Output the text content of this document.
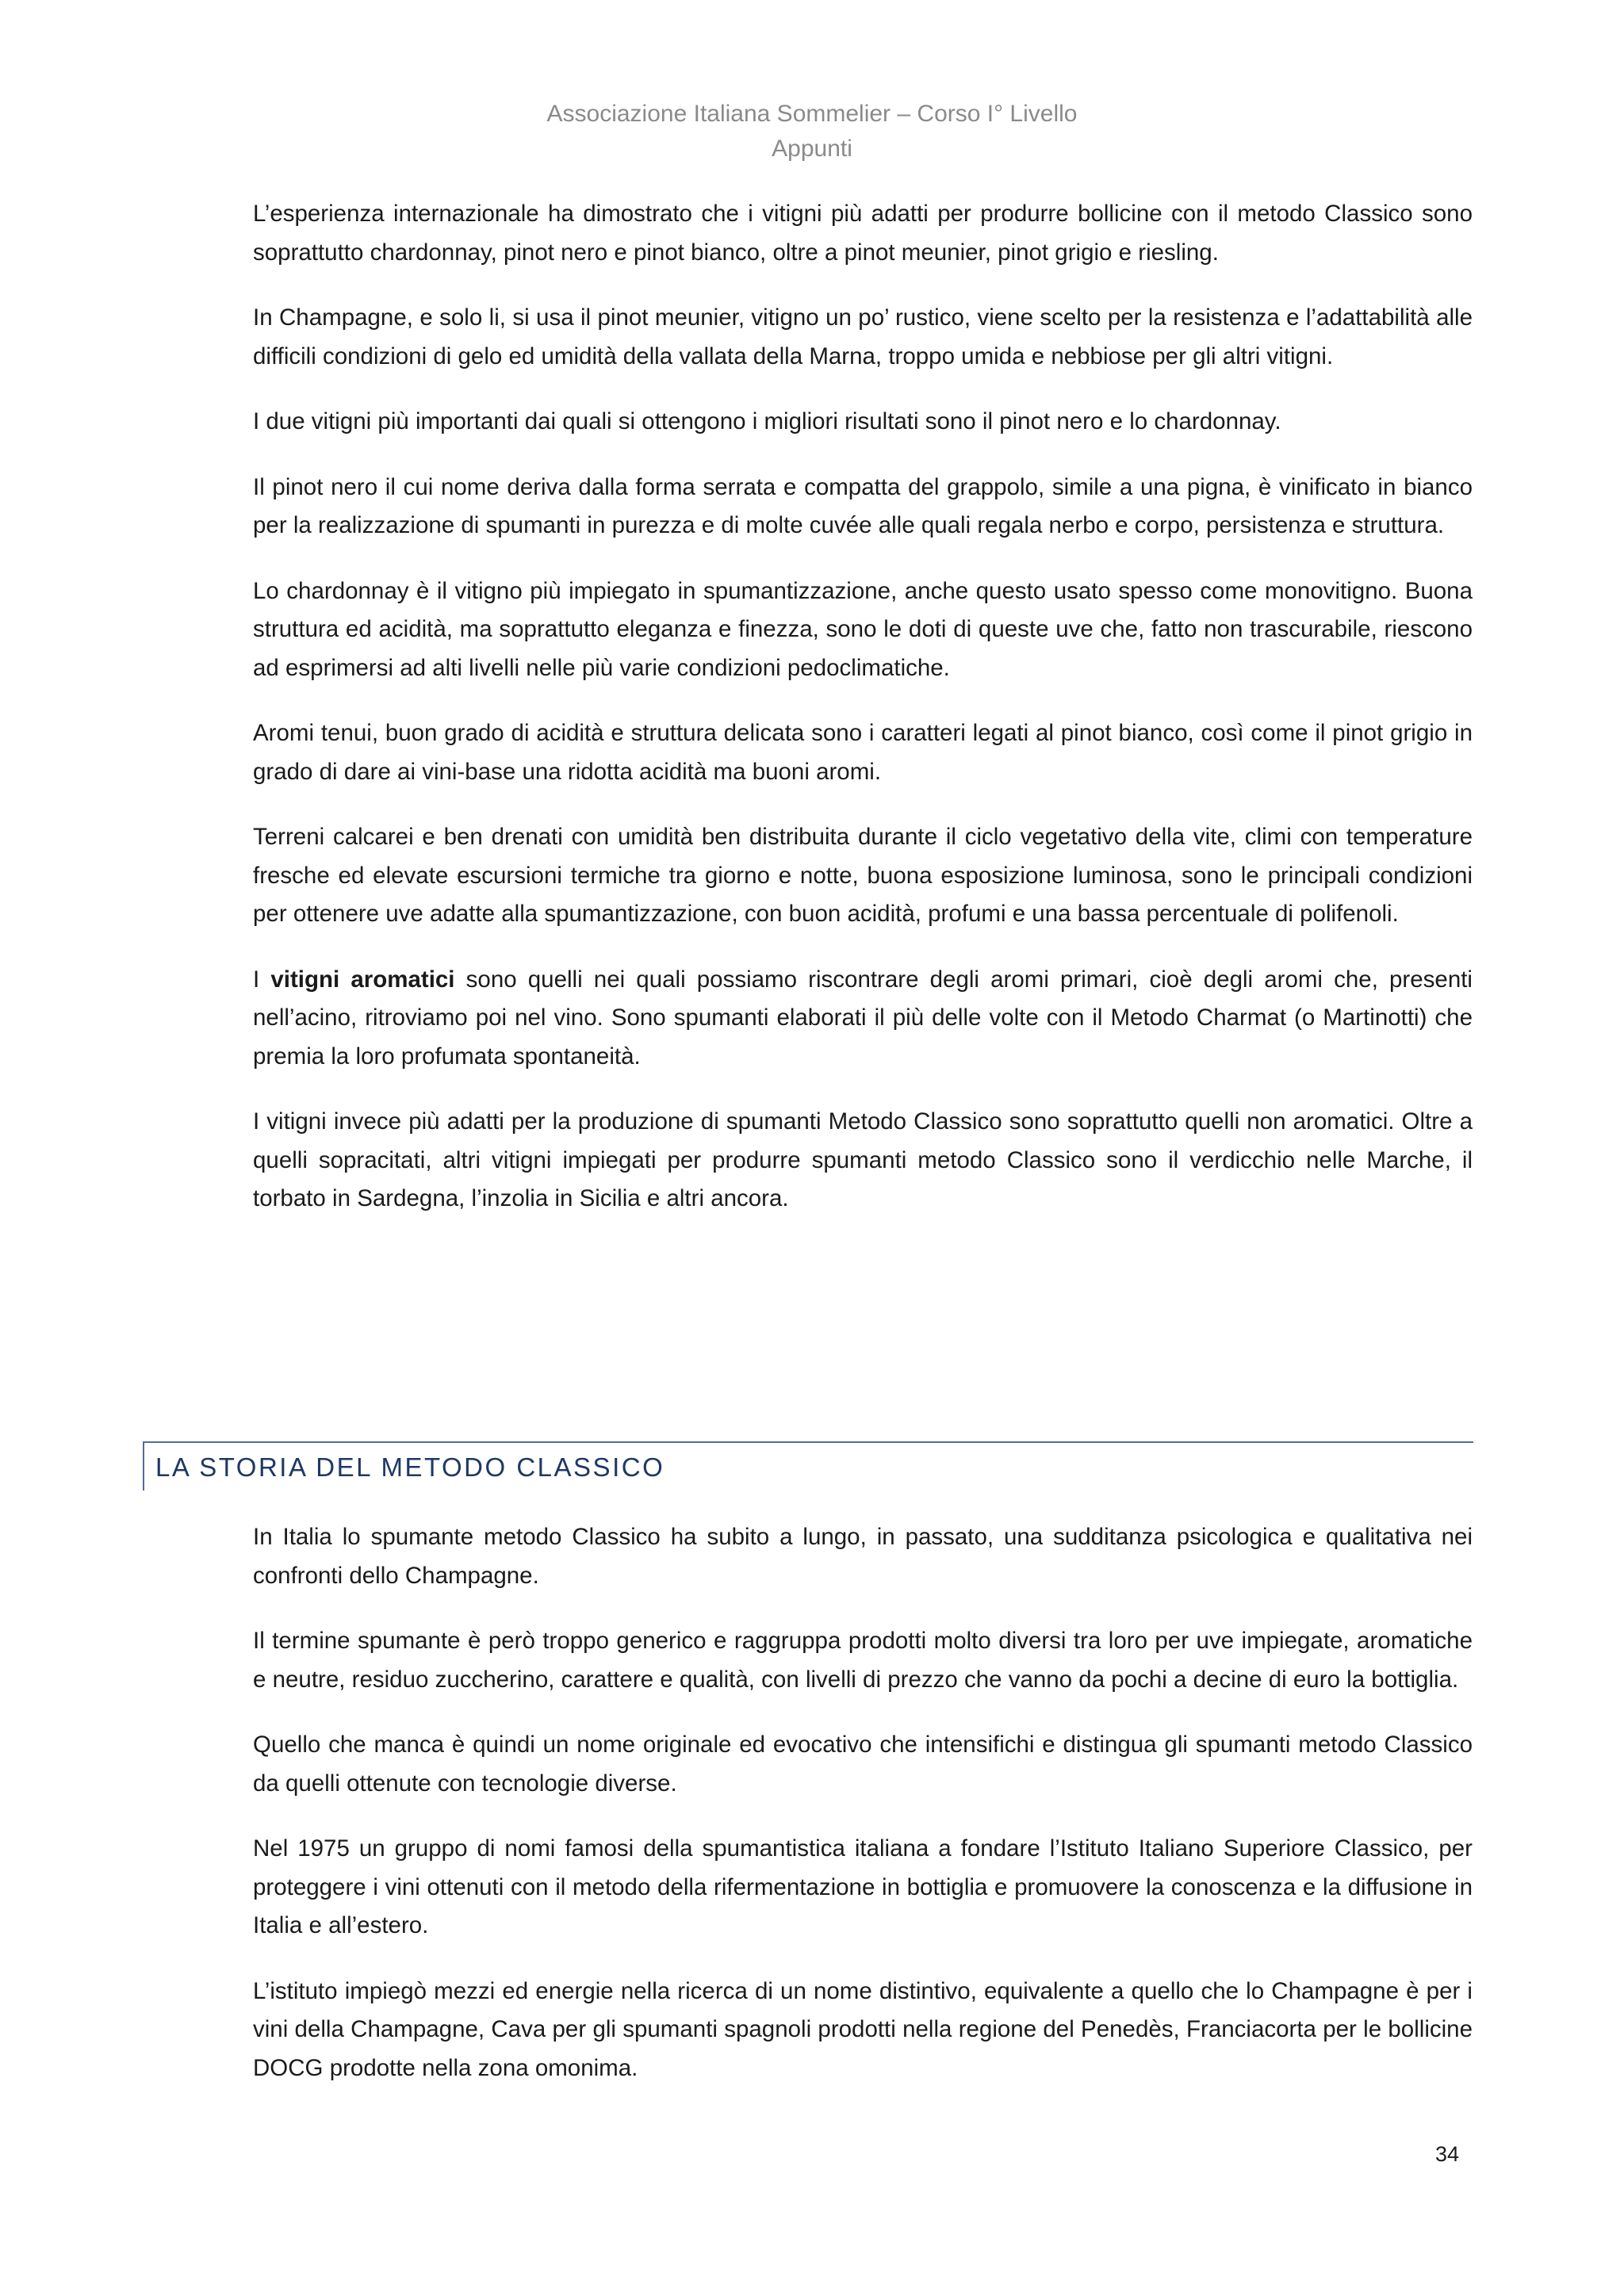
Associazione Italiana Sommelier – Corso I° Livello
Appunti

L’esperienza internazionale ha dimostrato che i vitigni più adatti per produrre bollicine con il metodo Classico sono soprattutto chardonnay, pinot nero e pinot bianco, oltre a pinot meunier, pinot grigio e riesling.

In Champagne, e solo li, si usa il pinot meunier, vitigno un po’ rustico, viene scelto per la resistenza e l’adattabilità alle difficili condizioni di gelo ed umidità della vallata della Marna, troppo umida e nebbiose per gli altri vitigni.

I due vitigni più importanti dai quali si ottengono i migliori risultati sono il pinot nero e lo chardonnay.

Il pinot nero il cui nome deriva dalla forma serrata e compatta del grappolo, simile a una pigna, è vinificato in bianco per la realizzazione di spumanti in purezza e di molte cuvée alle quali regala nerbo e corpo, persistenza e struttura.

Lo chardonnay è il vitigno più impiegato in spumantizzazione, anche questo usato spesso come monovitigno. Buona struttura ed acidità, ma soprattutto eleganza e finezza, sono le doti di queste uve che, fatto non trascurabile, riescono ad esprimersi ad alti livelli nelle più varie condizioni pedoclimatiche.

Aromi tenui, buon grado di acidità e struttura delicata sono i caratteri legati al pinot bianco, così come il pinot grigio in grado di dare ai vini-base una ridotta acidità ma buoni aromi.

Terreni calcarei e ben drenati con umidità ben distribuita durante il ciclo vegetativo della vite, climi con temperature fresche ed elevate escursioni termiche tra giorno e notte, buona esposizione luminosa, sono le principali condizioni per ottenere uve adatte alla spumantizzazione, con buon acidità, profumi e una bassa percentuale di polifenoli.

I vitigni aromatici sono quelli nei quali possiamo riscontrare degli aromi primari, cioè degli aromi che, presenti nell’acino, ritroviamo poi nel vino. Sono spumanti elaborati il più delle volte con il Metodo Charmat (o Martinotti) che premia la loro profumata spontaneità.

I vitigni invece più adatti per la produzione di spumanti Metodo Classico sono soprattutto quelli non aromatici. Oltre a quelli sopracitati, altri vitigni impiegati per produrre spumanti metodo Classico sono il verdicchio nelle Marche, il torbato in Sardegna, l’inzolia in Sicilia e altri ancora.

LA STORIA DEL METODO CLASSICO

In Italia lo spumante metodo Classico ha subito a lungo, in passato, una sudditanza psicologica e qualitativa nei confronti dello Champagne.

Il termine spumante è però troppo generico e raggruppa prodotti molto diversi tra loro per uve impiegate, aromatiche e neutre, residuo zuccherino, carattere e qualità, con livelli di prezzo che vanno da pochi a decine di euro la bottiglia.

Quello che manca è quindi un nome originale ed evocativo che intensifichi e distingua gli spumanti metodo Classico da quelli ottenute con tecnologie diverse.

Nel 1975 un gruppo di nomi famosi della spumantistica italiana a fondare l’Istituto Italiano Superiore Classico, per proteggere i vini ottenuti con il metodo della rifermentazione in bottiglia e promuovere la conoscenza e la diffusione in Italia e all’estero.

L’istituto impiegò mezzi ed energie nella ricerca di un nome distintivo, equivalente a quello che lo Champagne è per i vini della Champagne, Cava per gli spumanti spagnoli prodotti nella regione del Penedès, Franciacorta per le bollicine DOCG prodotte nella zona omonima.

34
